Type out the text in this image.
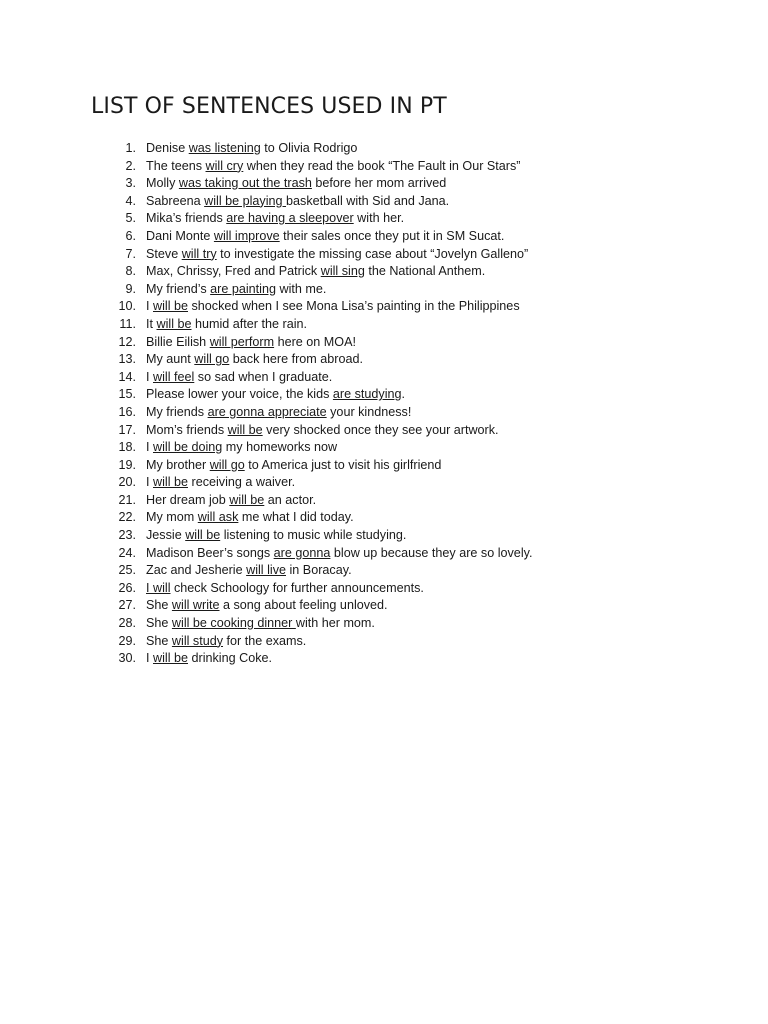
LIST OF SENTENCES USED IN PT
1. Denise was listening to Olivia Rodrigo
2. The teens will cry when they read the book “The Fault in Our Stars”
3. Molly was taking out the trash before her mom arrived
4. Sabreena will be playing basketball with Sid and Jana.
5. Mika’s friends are having a sleepover with her.
6. Dani Monte will improve their sales once they put it in SM Sucat.
7. Steve will try to investigate the missing case about “Jovelyn Galleno”
8. Max, Chrissy, Fred and Patrick will sing the National Anthem.
9. My friend’s are painting with me.
10. I will be shocked when I see Mona Lisa’s painting in the Philippines
11. It will be humid after the rain.
12. Billie Eilish will perform here on MOA!
13. My aunt will go back here from abroad.
14. I will feel so sad when I graduate.
15. Please lower your voice, the kids are studying.
16. My friends are gonna appreciate your kindness!
17. Mom’s friends will be very shocked once they see your artwork.
18. I will be doing my homeworks now
19. My brother will go to America just to visit his girlfriend
20. I will be receiving a waiver.
21. Her dream job will be an actor.
22. My mom will ask me what I did today.
23. Jessie will be listening to music while studying.
24. Madison Beer’s songs are gonna blow up because they are so lovely.
25. Zac and Jesherie will live in Boracay.
26. I will check Schoology for further announcements.
27. She will write a song about feeling unloved.
28. She will be cooking dinner with her mom.
29. She will study for the exams.
30. I will be drinking Coke.
